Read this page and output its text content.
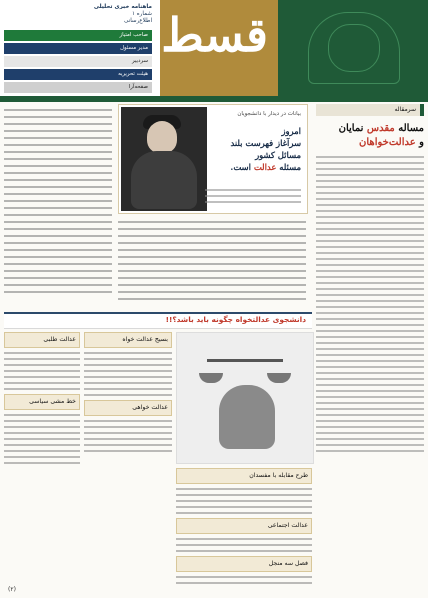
قسط
ماهنامه خبری تحلیلی
شماره ۱
اطلاع‌رسانی
صاحب امتیاز
مدیر مسئول
سردبیر
هیئت تحریریه
صفحه‌آرا
سرمقاله
مساله مقدس نمایان
و عدالت‌خواهان
بیانات در دیدار با دانشجویان
امروز
سرآغاز فهرست بلند
مسائل کشور
مسئله عدالت است.
دانشجوی عدالتخواه چگونه باید باشد؟!!
عدالت طلبی
خط مشی سیاسی
بسیج عدالت خواه
عدالت خواهی
طرح مقابله با مفسدان
عدالت اجتماعی
فصل سه منجل
(۲)
